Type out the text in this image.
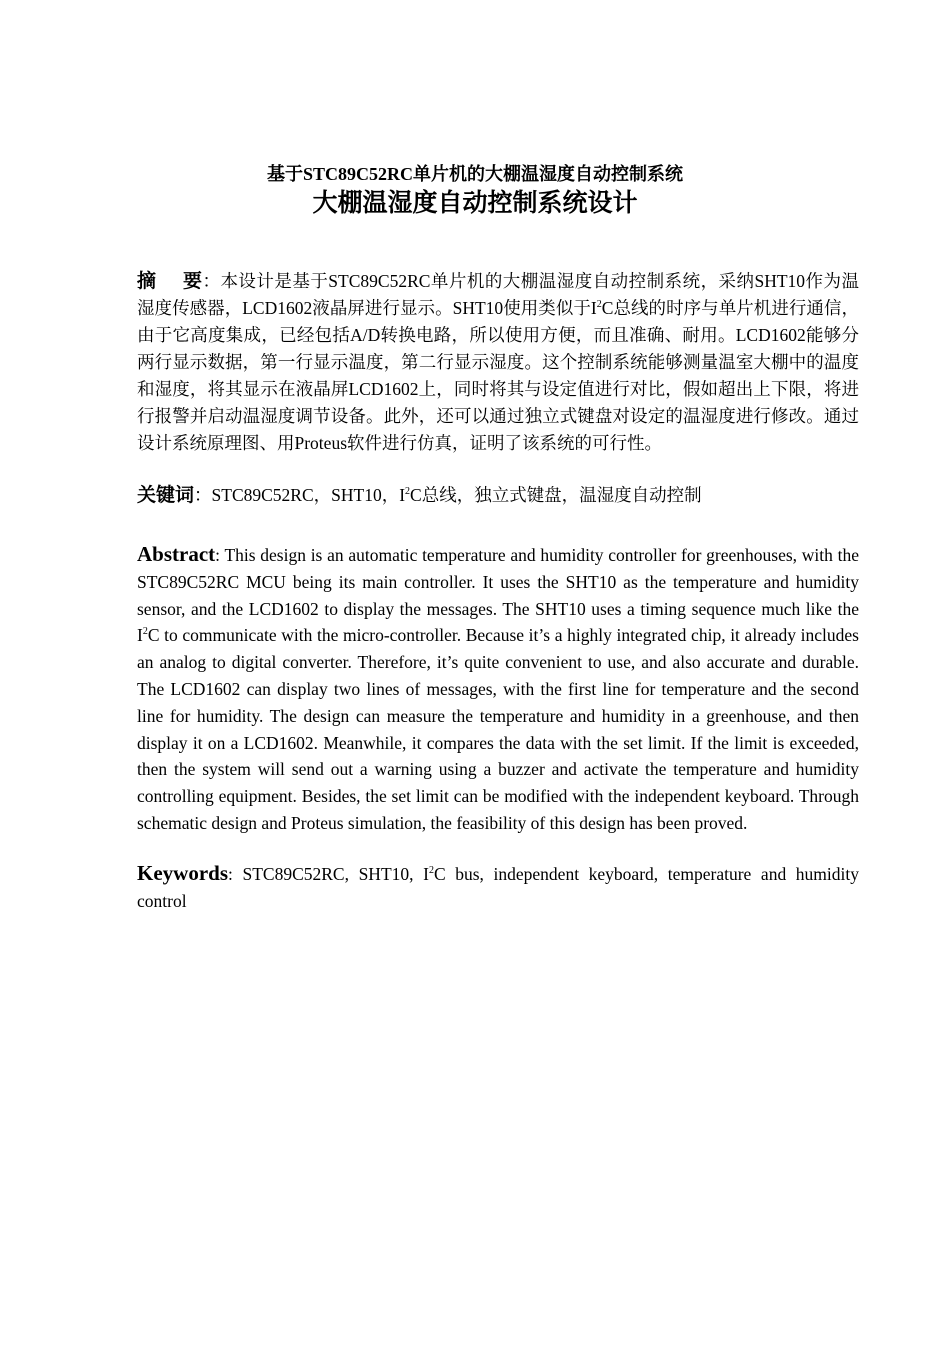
基于STC89C52RC单片机的大棚温湿度自动控制系统
大棚温湿度自动控制系统设计
摘 要：本设计是基于STC89C52RC单片机的大棚温湿度自动控制系统，采纳SHT10作为温湿度传感器，LCD1602液晶屏进行显示。SHT10使用类似于$I^2C$总线的时序与单片机进行通信，由于它高度集成，已经包括A/D转换电路，所以使用方便，而且准确、耐用。LCD1602能够分两行显示数据，第一行显示温度，第二行显示湿度。这个控制系统能够测量温室大棚中的温度和湿度，将其显示在液晶屏LCD1602上，同时将其与设定值进行对比，假如超出上下限，将进行报警并启动温湿度调节设备。此外，还可以通过独立式键盘对设定的温湿度进行修改。通过设计系统原理图、用Proteus软件进行仿真，证明了该系统的可行性。
关键词：STC89C52RC，SHT10，$I^2C$总线，独立式键盘，温湿度自动控制
Abstract: This design is an automatic temperature and humidity controller for greenhouses, with the STC89C52RC MCU being its main controller. It uses the SHT10 as the temperature and humidity sensor, and the LCD1602 to display the messages. The SHT10 uses a timing sequence much like the $I^2C$ to communicate with the micro-controller. Because it’s a highly integrated chip, it already includes an analog to digital converter. Therefore, it’s quite convenient to use, and also accurate and durable. The LCD1602 can display two lines of messages, with the first line for temperature and the second line for humidity. The design can measure the temperature and humidity in a greenhouse, and then display it on a LCD1602. Meanwhile, it compares the data with the set limit. If the limit is exceeded, then the system will send out a warning using a buzzer and activate the temperature and humidity controlling equipment. Besides, the set limit can be modified with the independent keyboard. Through schematic design and Proteus simulation, the feasibility of this design has been proved.
Keywords: STC89C52RC, SHT10, $I^2C$ bus, independent keyboard, temperature and humidity control
